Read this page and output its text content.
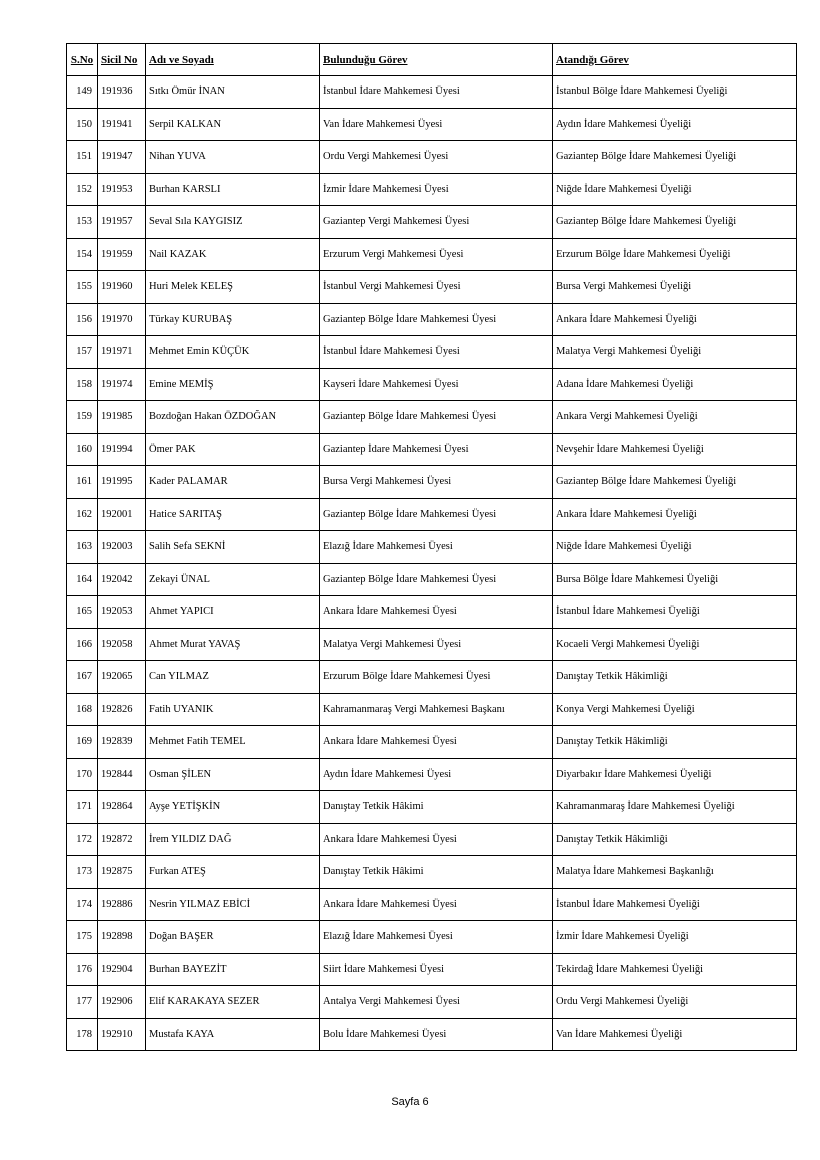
S.No	Sicil No	Adı ve Soyadı	Bulunduğu Görev	Atandığı Görev
149	191936	Sıtkı Ömür İNAN	İstanbul İdare Mahkemesi Üyesi	İstanbul Bölge İdare Mahkemesi Üyeliği
150	191941	Serpil KALKAN	Van İdare Mahkemesi Üyesi	Aydın İdare Mahkemesi Üyeliği
151	191947	Nihan YUVA	Ordu Vergi Mahkemesi Üyesi	Gaziantep Bölge İdare Mahkemesi Üyeliği
152	191953	Burhan KARSLI	İzmir İdare Mahkemesi Üyesi	Niğde İdare Mahkemesi Üyeliği
153	191957	Seval Sıla KAYGISIZ	Gaziantep Vergi Mahkemesi Üyesi	Gaziantep Bölge İdare Mahkemesi Üyeliği
154	191959	Nail KAZAK	Erzurum Vergi Mahkemesi Üyesi	Erzurum Bölge İdare Mahkemesi Üyeliği
155	191960	Huri Melek KELEŞ	İstanbul Vergi Mahkemesi Üyesi	Bursa Vergi Mahkemesi Üyeliği
156	191970	Türkay KURUBAŞ	Gaziantep Bölge İdare Mahkemesi Üyesi	Ankara İdare Mahkemesi Üyeliği
157	191971	Mehmet Emin KÜÇÜK	İstanbul İdare Mahkemesi Üyesi	Malatya Vergi Mahkemesi Üyeliği
158	191974	Emine MEMİŞ	Kayseri İdare Mahkemesi Üyesi	Adana İdare Mahkemesi Üyeliği
159	191985	Bozdoğan Hakan ÖZDOĞAN	Gaziantep Bölge İdare Mahkemesi Üyesi	Ankara Vergi Mahkemesi Üyeliği
160	191994	Ömer PAK	Gaziantep İdare Mahkemesi Üyesi	Nevşehir İdare Mahkemesi Üyeliği
161	191995	Kader PALAMAR	Bursa Vergi Mahkemesi Üyesi	Gaziantep Bölge İdare Mahkemesi Üyeliği
162	192001	Hatice SARITAŞ	Gaziantep Bölge İdare Mahkemesi Üyesi	Ankara İdare Mahkemesi Üyeliği
163	192003	Salih Sefa SEKNİ	Elazığ İdare Mahkemesi Üyesi	Niğde İdare Mahkemesi Üyeliği
164	192042	Zekayi ÜNAL	Gaziantep Bölge İdare Mahkemesi Üyesi	Bursa Bölge İdare Mahkemesi Üyeliği
165	192053	Ahmet YAPICI	Ankara İdare Mahkemesi Üyesi	İstanbul İdare Mahkemesi Üyeliği
166	192058	Ahmet Murat YAVAŞ	Malatya Vergi Mahkemesi Üyesi	Kocaeli Vergi Mahkemesi Üyeliği
167	192065	Can YILMAZ	Erzurum Bölge İdare Mahkemesi Üyesi	Danıştay Tetkik Hâkimliği
168	192826	Fatih UYANIK	Kahramanmaraş Vergi Mahkemesi Başkanı	Konya Vergi Mahkemesi Üyeliği
169	192839	Mehmet Fatih TEMEL	Ankara İdare Mahkemesi Üyesi	Danıştay Tetkik Hâkimliği
170	192844	Osman ŞİLEN	Aydın İdare Mahkemesi Üyesi	Diyarbakır İdare Mahkemesi Üyeliği
171	192864	Ayşe YETİŞKİN	Danıştay Tetkik Hâkimi	Kahramanmaraş İdare Mahkemesi Üyeliği
172	192872	İrem YILDIZ DAĞ	Ankara İdare Mahkemesi Üyesi	Danıştay Tetkik Hâkimliği
173	192875	Furkan ATEŞ	Danıştay Tetkik Hâkimi	Malatya İdare Mahkemesi Başkanlığı
174	192886	Nesrin YILMAZ EBİCİ	Ankara İdare Mahkemesi Üyesi	İstanbul İdare Mahkemesi Üyeliği
175	192898	Doğan BAŞER	Elazığ İdare Mahkemesi Üyesi	İzmir İdare Mahkemesi Üyeliği
176	192904	Burhan BAYEZİT	Siirt İdare Mahkemesi Üyesi	Tekirdağ İdare Mahkemesi Üyeliği
177	192906	Elif KARAKAYA SEZER	Antalya Vergi Mahkemesi Üyesi	Ordu Vergi Mahkemesi Üyeliği
178	192910	Mustafa KAYA	Bolu İdare Mahkemesi Üyesi	Van İdare Mahkemesi Üyeliği
Sayfa 6
